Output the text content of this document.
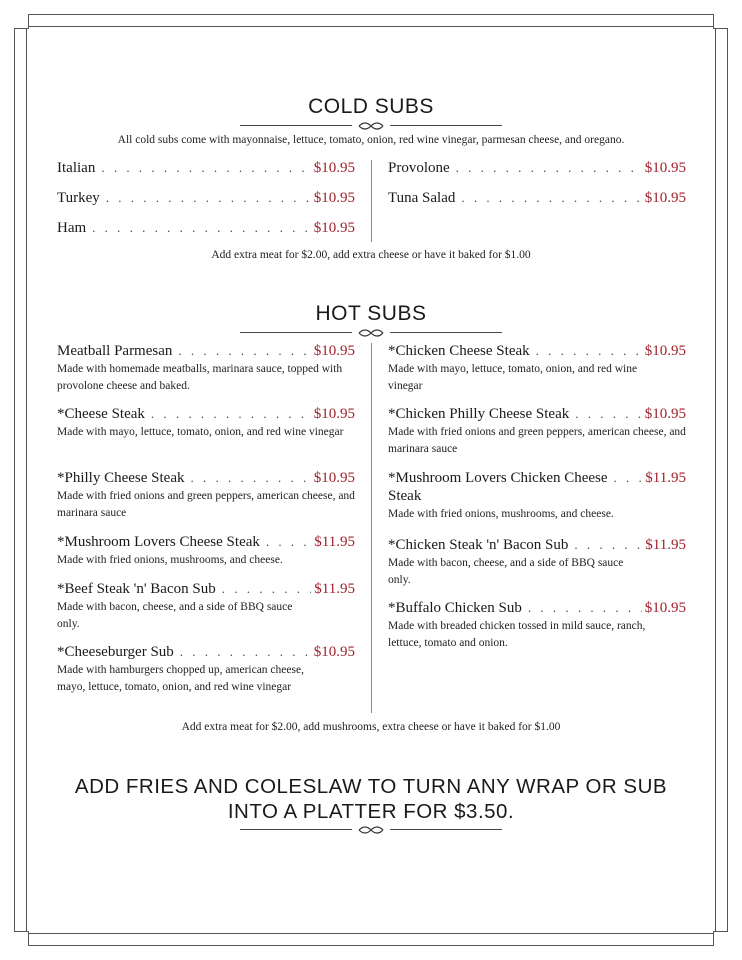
COLD SUBS
All cold subs come with mayonnaise, lettuce, tomato, onion, red wine vinegar, parmesan cheese, and oregano.
Italian . . .	$10.95
Turkey . . .	$10.95
Ham . . .	$10.95
Provolone . . .	$10.95
Tuna Salad . . .	$10.95
Add extra meat for $2.00, add extra cheese or have it baked for $1.00
HOT SUBS
Meatball Parmesan . . .	$10.95
Made with homemade meatballs, marinara sauce, topped with provolone cheese and baked.
*Cheese Steak . . .	$10.95
Made with mayo, lettuce, tomato, onion, and red wine vinegar
*Philly Cheese Steak . . .	$10.95
Made with fried onions and green peppers, american cheese, and marinara sauce
*Mushroom Lovers Cheese Steak . . .	$11.95
Made with fried onions, mushrooms, and cheese.
*Beef Steak 'n' Bacon Sub . . .	$11.95
Made with bacon, cheese, and a side of BBQ sauce only.
*Cheeseburger Sub . . .	$10.95
Made with hamburgers chopped up, american cheese, mayo, lettuce, tomato, onion, and red wine vinegar
*Chicken Cheese Steak . . .	$10.95
Made with mayo, lettuce, tomato, onion, and red wine vinegar
*Chicken Philly Cheese Steak . . .	$10.95
Made with fried onions and green peppers, american cheese, and marinara sauce
*Mushroom Lovers Chicken Cheese . . .	$11.95
Steak
Made with fried onions, mushrooms, and cheese.
*Chicken Steak 'n' Bacon Sub . . .	$11.95
Made with bacon, cheese, and a side of BBQ sauce only.
*Buffalo Chicken Sub . . .	$10.95
Made with breaded chicken tossed in mild sauce, ranch, lettuce, tomato and onion.
Add extra meat for $2.00, add mushrooms, extra cheese or have it baked for $1.00
ADD FRIES AND COLESLAW TO TURN ANY WRAP OR SUB
INTO A PLATTER FOR $3.50.
